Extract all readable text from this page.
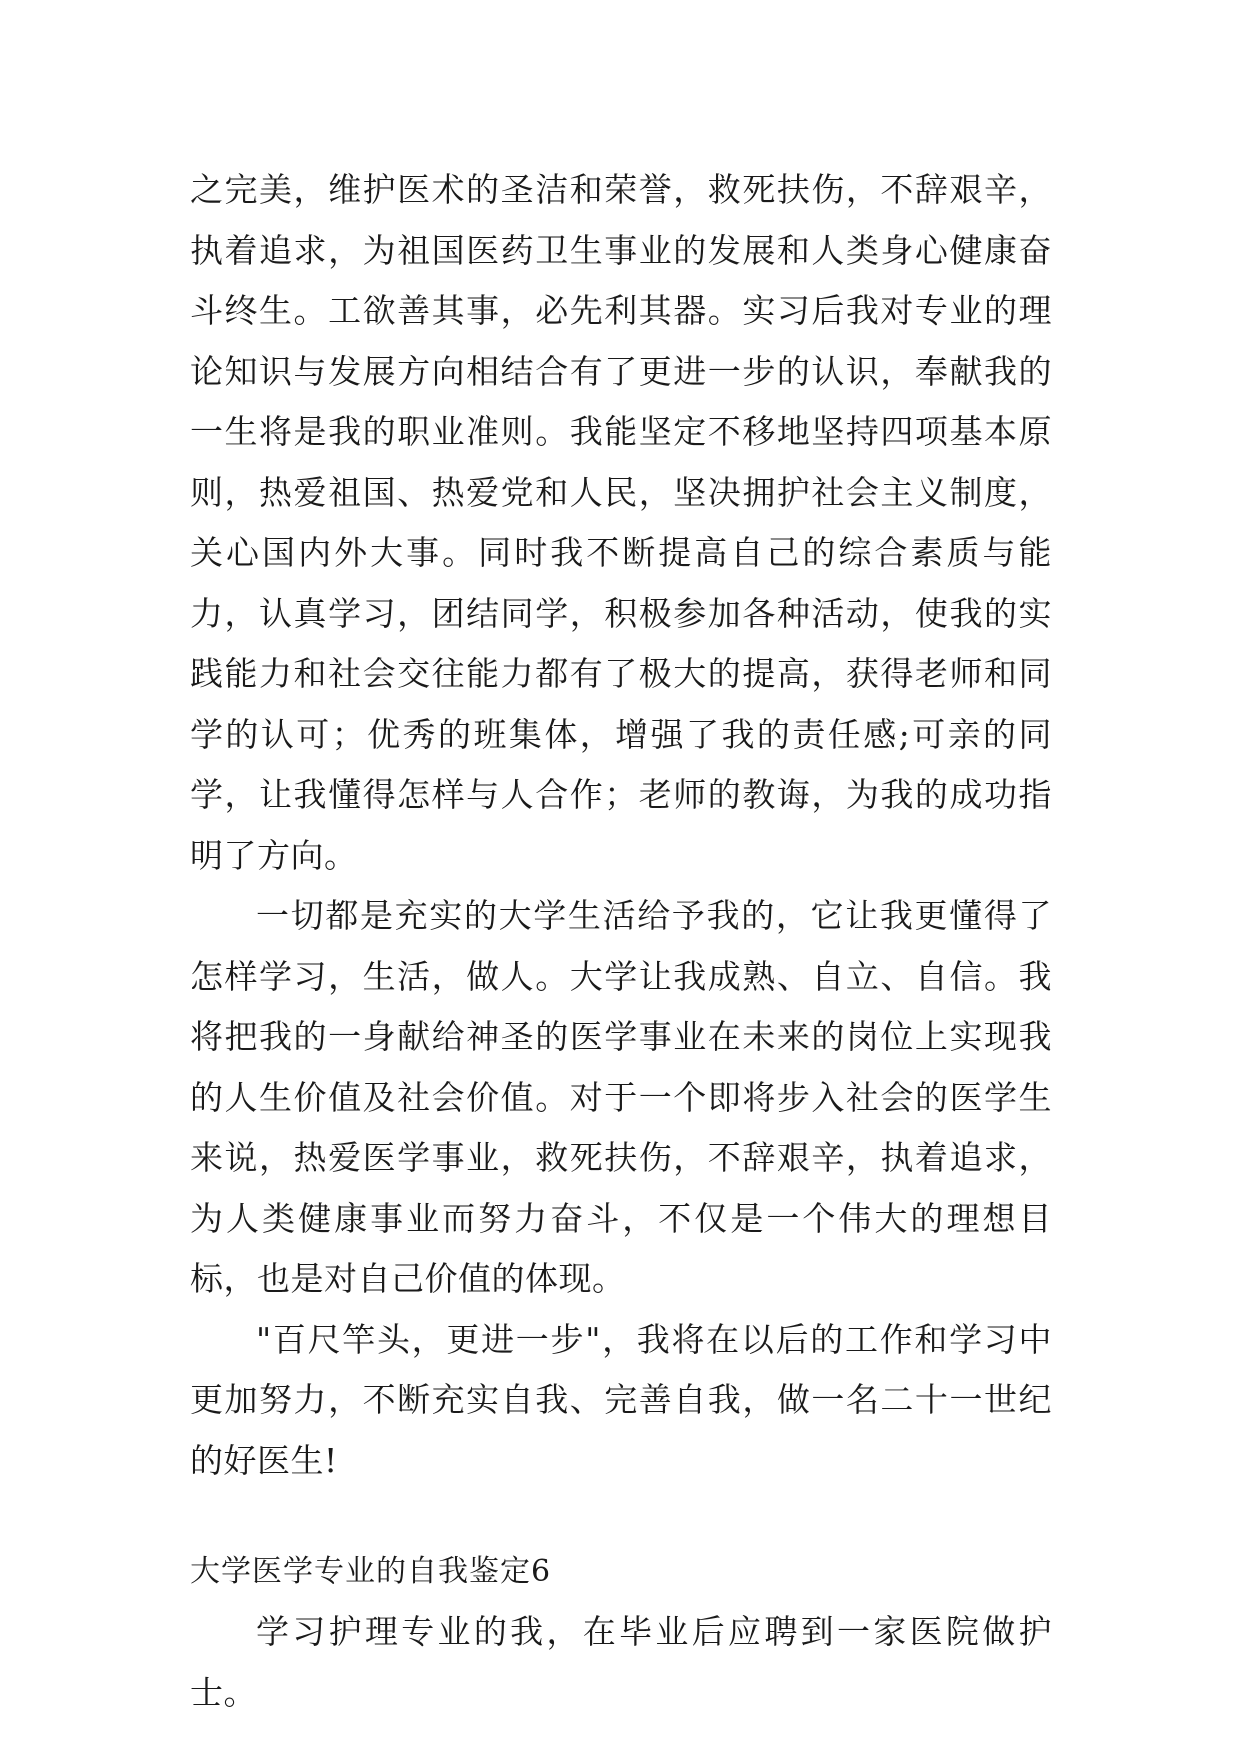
之完美，维护医术的圣洁和荣誉，救死扶伤，不辞艰辛，执着追求，为祖国医药卫生事业的发展和人类身心健康奋斗终生。工欲善其事，必先利其器。实习后我对专业的理论知识与发展方向相结合有了更进一步的认识，奉献我的一生将是我的职业准则。我能坚定不移地坚持四项基本原则，热爱祖国、热爱党和人民，坚决拥护社会主义制度，关心国内外大事。同时我不断提高自己的综合素质与能力，认真学习，团结同学，积极参加各种活动，使我的实践能力和社会交往能力都有了极大的提高，获得老师和同学的认可；优秀的班集体，增强了我的责任感;可亲的同学，让我懂得怎样与人合作；老师的教诲，为我的成功指明了方向。

一切都是充实的大学生活给予我的，它让我更懂得了怎样学习，生活，做人。大学让我成熟、自立、自信。我将把我的一身献给神圣的医学事业在未来的岗位上实现我的人生价值及社会价值。对于一个即将步入社会的医学生来说，热爱医学事业，救死扶伤，不辞艰辛，执着追求，为人类健康事业而努力奋斗，不仅是一个伟大的理想目标，也是对自己价值的体现。

"百尺竿头，更进一步"，我将在以后的工作和学习中更加努力，不断充实自我、完善自我，做一名二十一世纪的好医生!

大学医学专业的自我鉴定6

学习护理专业的我，在毕业后应聘到一家医院做护士。
